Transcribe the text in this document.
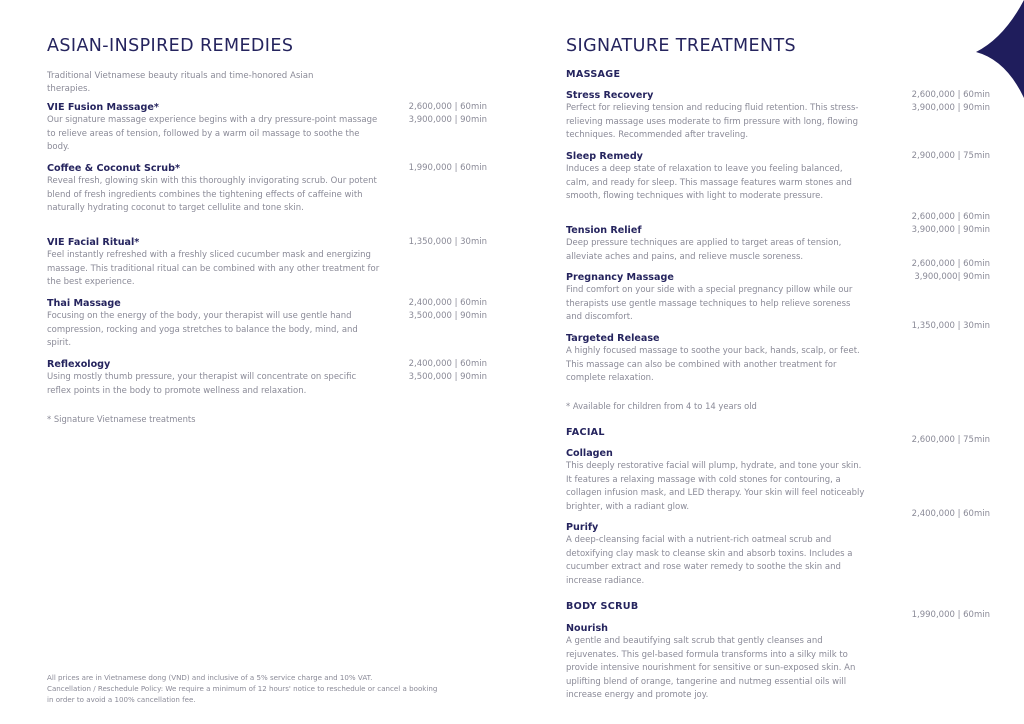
ASIAN-INSPIRED REMEDIES
Traditional Vietnamese beauty rituals and time-honored Asian therapies.
VIE Fusion Massage*
Our signature massage experience begins with a dry pressure-point massage to relieve areas of tension, followed by a warm oil massage to soothe the body.
2,600,000 | 60min
3,900,000 | 90min
Coffee & Coconut Scrub*
Reveal fresh, glowing skin with this thoroughly invigorating scrub. Our potent blend of fresh ingredients combines the tightening effects of caffeine with naturally hydrating coconut to target cellulite and tone skin.
1,990,000 | 60min
VIE Facial Ritual*
Feel instantly refreshed with a freshly sliced cucumber mask and energizing massage. This traditional ritual can be combined with any other treatment for the best experience.
1,350,000 | 30min
Thai Massage
Focusing on the energy of the body, your therapist will use gentle hand compression, rocking and yoga stretches to balance the body, mind, and spirit.
2,400,000 | 60min
3,500,000 | 90min
Reflexology
Using mostly thumb pressure, your therapist will concentrate on specific reflex points in the body to promote wellness and relaxation.
2,400,000 | 60min
3,500,000 | 90min
* Signature Vietnamese treatments
All prices are in Vietnamese dong (VND) and inclusive of a 5% service charge and 10% VAT.
Cancellation / Reschedule Policy: We require a minimum of 12 hours' notice to reschedule or cancel a booking
in order to avoid a 100% cancellation fee.
SIGNATURE TREATMENTS
MASSAGE
Stress Recovery
Perfect for relieving tension and reducing fluid retention. This stress-relieving massage uses moderate to firm pressure with long, flowing techniques. Recommended after traveling.
2,600,000 | 60min
3,900,000 | 90min
Sleep Remedy
Induces a deep state of relaxation to leave you feeling balanced, calm, and ready for sleep. This massage features warm stones and smooth, flowing techniques with light to moderate pressure.
2,900,000 | 75min
Tension Relief
Deep pressure techniques are applied to target areas of tension, alleviate aches and pains, and relieve muscle soreness.
2,600,000 | 60min
3,900,000 | 90min
Pregnancy Massage
Find comfort on your side with a special pregnancy pillow while our therapists use gentle massage techniques to help relieve soreness and discomfort.
2,600,000 | 60min
3,900,000| 90min
Targeted Release
A highly focused massage to soothe your back, hands, scalp, or feet. This massage can also be combined with another treatment for complete relaxation.
1,350,000 | 30min
* Available for children from 4 to 14 years old
FACIAL
Collagen
This deeply restorative facial will plump, hydrate, and tone your skin. It features a relaxing massage with cold stones for contouring, a collagen infusion mask, and LED therapy. Your skin will feel noticeably brighter, with a radiant glow.
2,600,000 | 75min
Purify
A deep-cleansing facial with a nutrient-rich oatmeal scrub and detoxifying clay mask to cleanse skin and absorb toxins. Includes a cucumber extract and rose water remedy to soothe the skin and increase radiance.
2,400,000 | 60min
BODY SCRUB
Nourish
A gentle and beautifying salt scrub that gently cleanses and rejuvenates. This gel-based formula transforms into a silky milk to provide intensive nourishment for sensitive or sun-exposed skin. An uplifting blend of orange, tangerine and nutmeg essential oils will increase energy and promote joy.
1,990,000 | 60min
